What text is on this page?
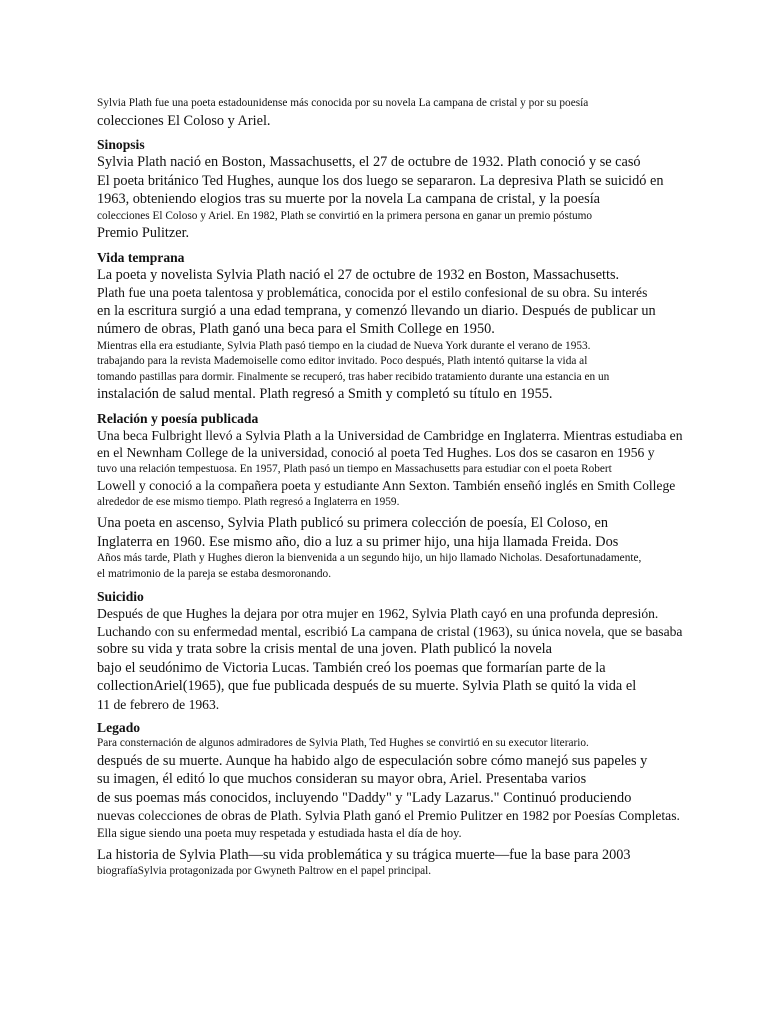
Sylvia Plath fue una poeta estadounidense más conocida por su novela La campana de cristal y por su poesía
colecciones El Coloso y Ariel.
Sinopsis
Sylvia Plath nació en Boston, Massachusetts, el 27 de octubre de 1932. Plath conoció y se casó
El poeta británico Ted Hughes, aunque los dos luego se separaron. La depresiva Plath se suicidó en
1963, obteniendo elogios tras su muerte por la novela La campana de cristal, y la poesía
colecciones El Coloso y Ariel. En 1982, Plath se convirtió en la primera persona en ganar un premio póstumo
Premio Pulitzer.
Vida temprana
La poeta y novelista Sylvia Plath nació el 27 de octubre de 1932 en Boston, Massachusetts.
Plath fue una poeta talentosa y problemática, conocida por el estilo confesional de su obra. Su interés
en la escritura surgió a una edad temprana, y comenzó llevando un diario. Después de publicar un
número de obras, Plath ganó una beca para el Smith College en 1950.
Mientras ella era estudiante, Sylvia Plath pasó tiempo en la ciudad de Nueva York durante el verano de 1953.
trabajando para la revista Mademoiselle como editor invitado. Poco después, Plath intentó quitarse la vida al
tomando pastillas para dormir. Finalmente se recuperó, tras haber recibido tratamiento durante una estancia en un
instalación de salud mental. Plath regresó a Smith y completó su título en 1955.
Relación y poesía publicada
Una beca Fulbright llevó a Sylvia Plath a la Universidad de Cambridge en Inglaterra. Mientras estudiaba en
en el Newnham College de la universidad, conoció al poeta Ted Hughes. Los dos se casaron en 1956 y
tuvo una relación tempestuosa. En 1957, Plath pasó un tiempo en Massachusetts para estudiar con el poeta Robert
Lowell y conoció a la compañera poeta y estudiante Ann Sexton. También enseñó inglés en Smith College
alrededor de ese mismo tiempo. Plath regresó a Inglaterra en 1959.
Una poeta en ascenso, Sylvia Plath publicó su primera colección de poesía, El Coloso, en
Inglaterra en 1960. Ese mismo año, dio a luz a su primer hijo, una hija llamada Freida. Dos
Años más tarde, Plath y Hughes dieron la bienvenida a un segundo hijo, un hijo llamado Nicholas. Desafortunadamente,
el matrimonio de la pareja se estaba desmoronando.
Suicidio
Después de que Hughes la dejara por otra mujer en 1962, Sylvia Plath cayó en una profunda depresión.
Luchando con su enfermedad mental, escribió La campana de cristal (1963), su única novela, que se basaba
sobre su vida y trata sobre la crisis mental de una joven. Plath publicó la novela
bajo el seudónimo de Victoria Lucas. También creó los poemas que formarían parte de la
collectionAriel(1965), que fue publicada después de su muerte. Sylvia Plath se quitó la vida el
11 de febrero de 1963.
Legado
Para consternación de algunos admiradores de Sylvia Plath, Ted Hughes se convirtió en su executor literario.
después de su muerte. Aunque ha habido algo de especulación sobre cómo manejó sus papeles y
su imagen, él editó lo que muchos consideran su mayor obra, Ariel. Presentaba varios
de sus poemas más conocidos, incluyendo "Daddy" y "Lady Lazarus." Continuó produciendo
nuevas colecciones de obras de Plath. Sylvia Plath ganó el Premio Pulitzer en 1982 por Poesías Completas.
Ella sigue siendo una poeta muy respetada y estudiada hasta el día de hoy.
La historia de Sylvia Plath—su vida problemática y su trágica muerte—fue la base para 2003
biografíaSylvia protagonizada por Gwyneth Paltrow en el papel principal.
